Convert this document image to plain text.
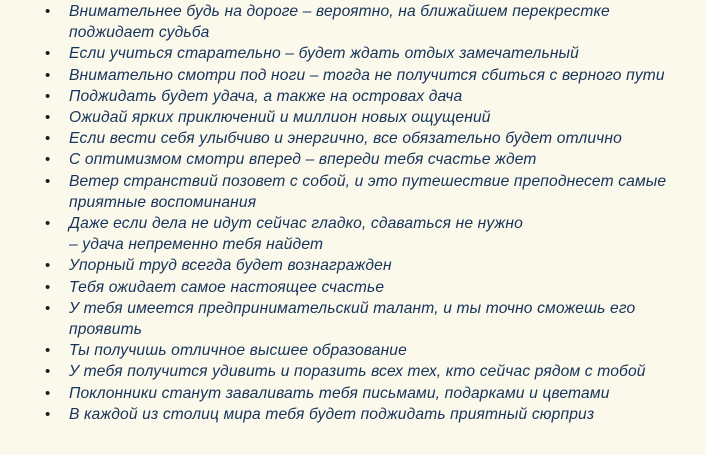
• Внимательнее будь на дороге – вероятно, на ближайшем перекрестке поджидает судьба
• Если учиться старательно – будет ждать отдых замечательный
• Внимательно смотри под ноги – тогда не получится сбиться с верного пути
• Поджидать будет удача, а также на островах дача
• Ожидай ярких приключений и миллион новых ощущений
• Если вести себя улыбчиво и энергично, все обязательно будет отлично
• С оптимизмом смотри вперед – впереди тебя счастье ждет
• Ветер странствий позовет с собой, и это путешествие преподнесет самые приятные воспоминания
• Даже если дела не идут сейчас гладко, сдаваться не нужно
– удача непременно тебя найдет
• Упорный труд всегда будет вознагражден
• Тебя ожидает самое настоящее счастье
• У тебя имеется предпринимательский талант, и ты точно сможешь его проявить
• Ты получишь отличное высшее образование
• У тебя получится удивить и поразить всех тех, кто сейчас рядом с тобой
• Поклонники станут заваливать тебя письмами, подарками и цветами
• В каждой из столиц мира тебя будет поджидать приятный сюрприз
